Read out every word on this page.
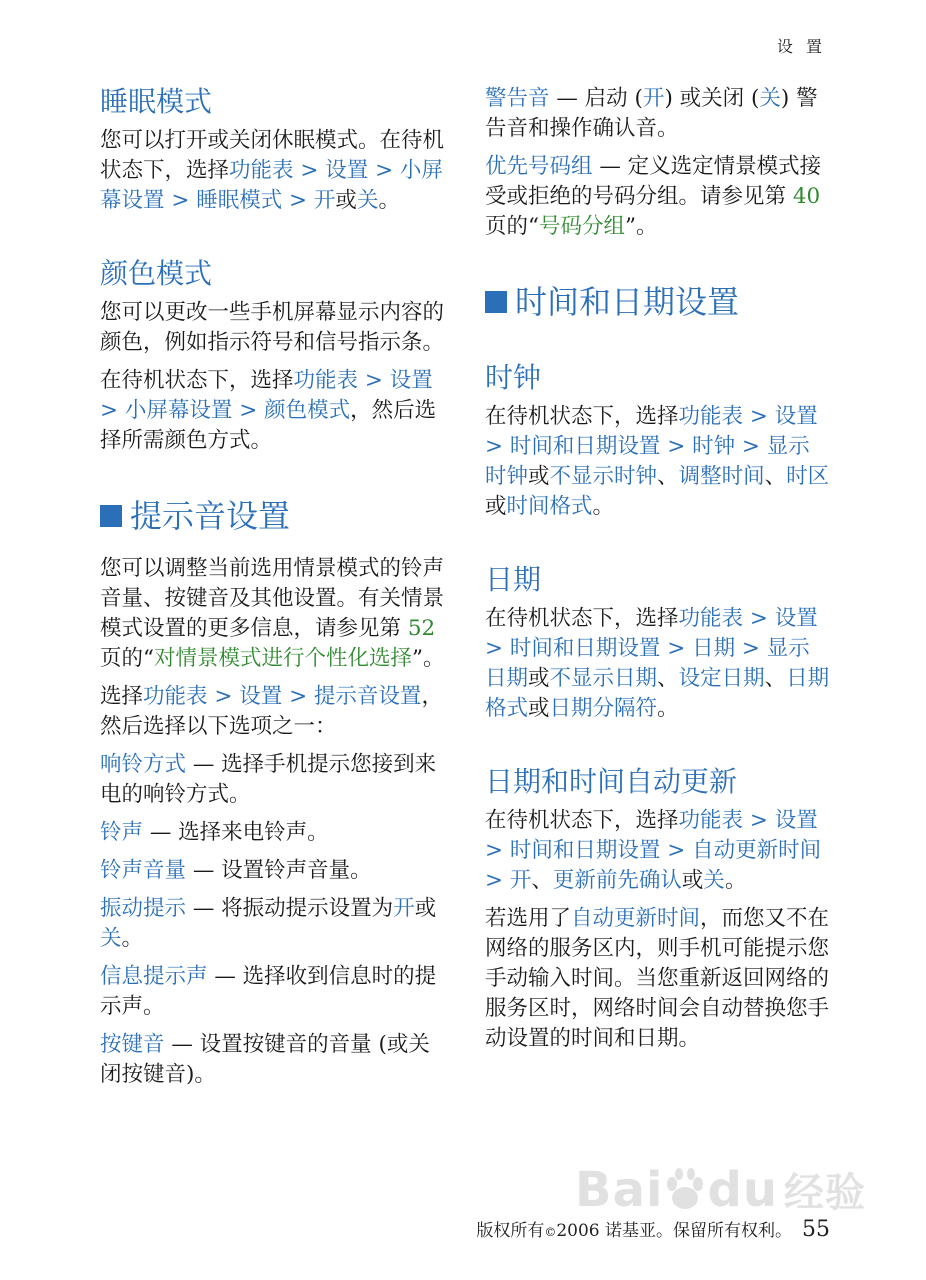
设 置
睡眠模式

您可以打开或关闭休眠模式。在待机状态下，选择功能表 > 设置 > 小屏幕设置 > 睡眠模式 > 开或关。

颜色模式

您可以更改一些手机屏幕显示内容的颜色，例如指示符号和信号指示条。

在待机状态下，选择功能表 > 设置 > 小屏幕设置 > 颜色模式，然后选择所需颜色方式。

提示音设置

您可以调整当前选用情景模式的铃声音量、按键音及其他设置。有关情景模式设置的更多信息，请参见第 52 页的“对情景模式进行个性化选择”。

选择功能表 > 设置 > 提示音设置，然后选择以下选项之一：

响铃方式 — 选择手机提示您接到来电的响铃方式。

铃声 — 选择来电铃声。

铃声音量 — 设置铃声音量。

振动提示 — 将振动提示设置为开或关。

信息提示声 — 选择收到信息时的提示声。

按键音 — 设置按键音的音量 (或关闭按键音)。

警告音 — 启动 (开) 或关闭 (关) 警告音和操作确认音。

优先号码组 — 定义选定情景模式接受或拒绝的号码分组。请参见第 40 页的“号码分组”。

时间和日期设置
时钟

在待机状态下，选择功能表 > 设置 > 时间和日期设置 > 时钟 > 显示时钟或不显示时钟、调整时间、时区或时间格式。

日期

在待机状态下，选择功能表 > 设置 > 时间和日期设置 > 日期 > 显示日期或不显示日期、设定日期、日期格式或日期分隔符。

日期和时间自动更新

在待机状态下，选择功能表 > 设置 > 时间和日期设置 > 自动更新时间 > 开、更新前先确认或关。

若选用了自动更新时间，而您又不在网络的服务区内，则手机可能提示您手动输入时间。当您重新返回网络的服务区时，网络时间会自动替换您手动设置的时间和日期。

Bai du 经验
版权所有 $_©$ 2006 诺基亚。保留所有权利。 55
